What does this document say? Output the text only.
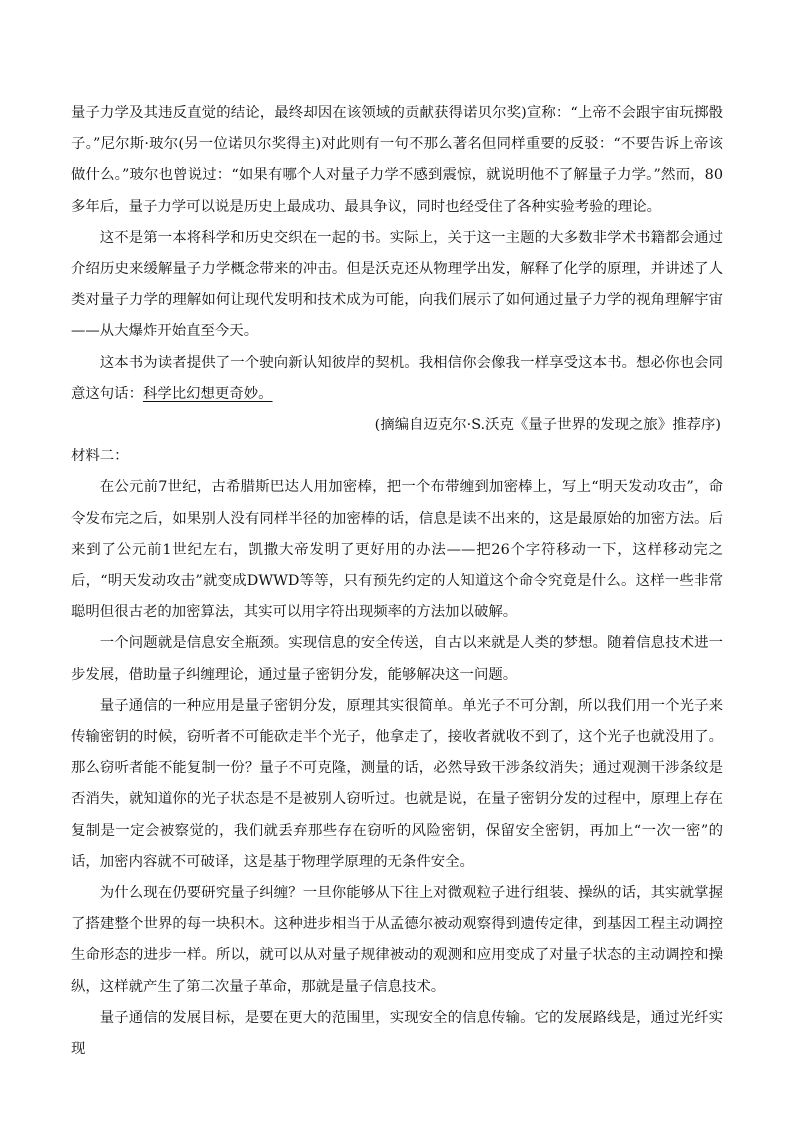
量子力学及其违反直觉的结论，最终却因在该领域的贡献获得诺贝尔奖)宣称：“上帝不会跟宇宙玩掷骰子。”尼尔斯·玻尔(另一位诺贝尔奖得主)对此则有一句不那么著名但同样重要的反驳：“不要告诉上帝该做什么。”玻尔也曾说过：“如果有哪个人对量子力学不感到震惊，就说明他不了解量子力学。”然而，80多年后，量子力学可以说是历史上最成功、最具争议，同时也经受住了各种实验考验的理论。

这不是第一本将科学和历史交织在一起的书。实际上，关于这一主题的大多数非学术书籍都会通过介绍历史来缓解量子力学概念带来的冲击。但是沃克还从物理学出发，解释了化学的原理，并讲述了人类对量子力学的理解如何让现代发明和技术成为可能，向我们展示了如何通过量子力学的视角理解宇宙——从大爆炸开始直至今天。

这本书为读者提供了一个驶向新认知彼岸的契机。我相信你会像我一样享受这本书。想必你也会同意这句话：科学比幻想更奇妙。

(摘编自迈克尔·S.沃克《量子世界的发现之旅》推荐序)

材料二：

在公元前7世纪，古希腊斯巴达人用加密棒，把一个布带缠到加密棒上，写上“明天发动攻击”，命令发布完之后，如果别人没有同样半径的加密棒的话，信息是读不出来的，这是最原始的加密方法。后来到了公元前1世纪左右，凯撒大帝发明了更好用的办法——把26个字符移动一下，这样移动完之后，“明天发动攻击”就变成DWWD等等，只有预先约定的人知道这个命令究竟是什么。这样一些非常聪明但很古老的加密算法，其实可以用字符出现频率的方法加以破解。

一个问题就是信息安全瓶颈。实现信息的安全传送，自古以来就是人类的梦想。随着信息技术进一步发展，借助量子纠缠理论，通过量子密钥分发，能够解决这一问题。

量子通信的一种应用是量子密钥分发，原理其实很简单。单光子不可分割，所以我们用一个光子来传输密钥的时候，窃听者不可能砍走半个光子，他拿走了，接收者就收不到了，这个光子也就没用了。那么窃听者能不能复制一份？量子不可克隆，测量的话，必然导致干涉条纹消失；通过观测干涉条纹是否消失，就知道你的光子状态是不是被别人窃听过。也就是说，在量子密钥分发的过程中，原理上存在复制是一定会被察觉的，我们就丢弃那些存在窃听的风险密钥，保留安全密钥，再加上“一次一密”的话，加密内容就不可破译，这是基于物理学原理的无条件安全。

为什么现在仍要研究量子纠缠？一旦你能够从下往上对微观粒子进行组装、操纵的话，其实就掌握了搭建整个世界的每一块积木。这种进步相当于从孟德尔被动观察得到遗传定律，到基因工程主动调控生命形态的进步一样。所以，就可以从对量子规律被动的观测和应用变成了对量子状态的主动调控和操纵，这样就产生了第二次量子革命，那就是量子信息技术。

量子通信的发展目标，是要在更大的范围里，实现安全的信息传输。它的发展路线是，通过光纤实现
